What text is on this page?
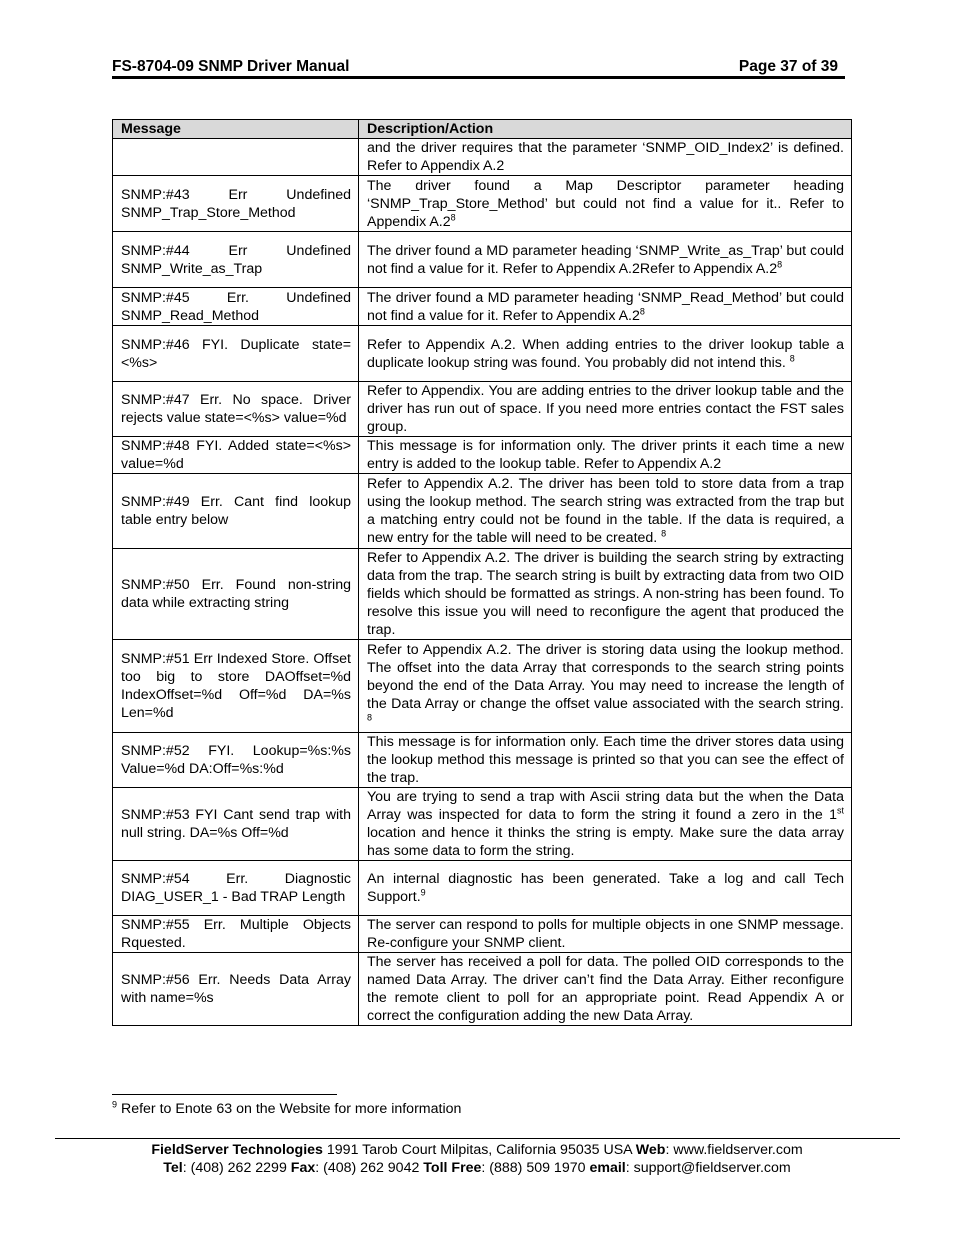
FS-8704-09 SNMP Driver Manual	Page 37 of 39
Message	Description/Action
	and the driver requires that the parameter ‘SNMP_OID_Index2’ is defined. Refer to Appendix A.2
SNMP:#43 Err Undefined SNMP_Trap_Store_Method	The driver found a Map Descriptor parameter heading ‘SNMP_Trap_Store_Method’ but could not find a value for it.. Refer to Appendix $A.2^8$
SNMP:#44 Err Undefined SNMP_Write_as_Trap	The driver found a MD parameter heading ‘SNMP_Write_as_Trap’ but could not find a value for it. Refer to Appendix A.2Refer to Appendix $A.2^8$
SNMP:#45 Err. Undefined SNMP_Read_Method	The driver found a MD parameter heading ‘SNMP_Read_Method’ but could not find a value for it. Refer to Appendix $A.2^8$
SNMP:#46 FYI. Duplicate state=<%s>	Refer to Appendix A.2. When adding entries to the driver lookup table a duplicate lookup string was found. You probably did not intend this. $^8$
SNMP:#47 Err. No space. Driver rejects value state=<%s> value=%d	Refer to Appendix. You are adding entries to the driver lookup table and the driver has run out of space. If you need more entries contact the FST sales group.
SNMP:#48 FYI. Added state=<%s> value=%d	This message is for information only. The driver prints it each time a new entry is added to the lookup table. Refer to Appendix A.2
SNMP:#49 Err. Cant find lookup table entry below	Refer to Appendix A.2. The driver has been told to store data from a trap using the lookup method. The search string was extracted from the trap but a matching entry could not be found in the table. If the data is required, a new entry for the table will need to be created. $^8$
SNMP:#50 Err. Found non-string data while extracting string	Refer to Appendix A.2. The driver is building the search string by extracting data from the trap. The search string is built by extracting data from two OID fields which should be formatted as strings. A non-string has been found. To resolve this issue you will need to reconfigure the agent that produced the trap.
SNMP:#51 Err Indexed Store. Offset too big to store DAOffset=%d IndexOffset=%d Off=%d DA=%s Len=%d	Refer to Appendix A.2. The driver is storing data using the lookup method. The offset into the data Array that corresponds to the search string points beyond the end of the Data Array. You may need to increase the length of the Data Array or change the offset value associated with the search string. $^8$
SNMP:#52 FYI. Lookup=%s:%s Value=%d DA:Off=%s:%d	This message is for information only. Each time the driver stores data using the lookup method this message is printed so that you can see the effect of the trap.
SNMP:#53 FYI Cant send trap with null string. DA=%s Off=%d	You are trying to send a trap with Ascii string data but the when the Data Array was inspected for data to form the string it found a zero in the 1st location and hence it thinks the string is empty. Make sure the data array has some data to form the string.
SNMP:#54 Err. Diagnostic DIAG_USER_1 - Bad TRAP Length	An internal diagnostic has been generated. Take a log and call Tech Support.$^9$
SNMP:#55 Err. Multiple Objects Rquested.	The server can respond to polls for multiple objects in one SNMP message. Re-configure your SNMP client.
SNMP:#56 Err. Needs Data Array with name=%s	The server has received a poll for data. The polled OID corresponds to the named Data Array. The driver can’t find the Data Array. Either reconfigure the remote client to poll for an appropriate point. Read Appendix A or correct the configuration adding the new Data Array.
$^9$ Refer to Enote 63 on the Website for more information
FieldServer Technologies 1991 Tarob Court Milpitas, California 95035 USA Web: www.fieldserver.com
Tel: (408) 262 2299 Fax: (408) 262 9042 Toll Free: (888) 509 1970 email: support@fieldserver.com
